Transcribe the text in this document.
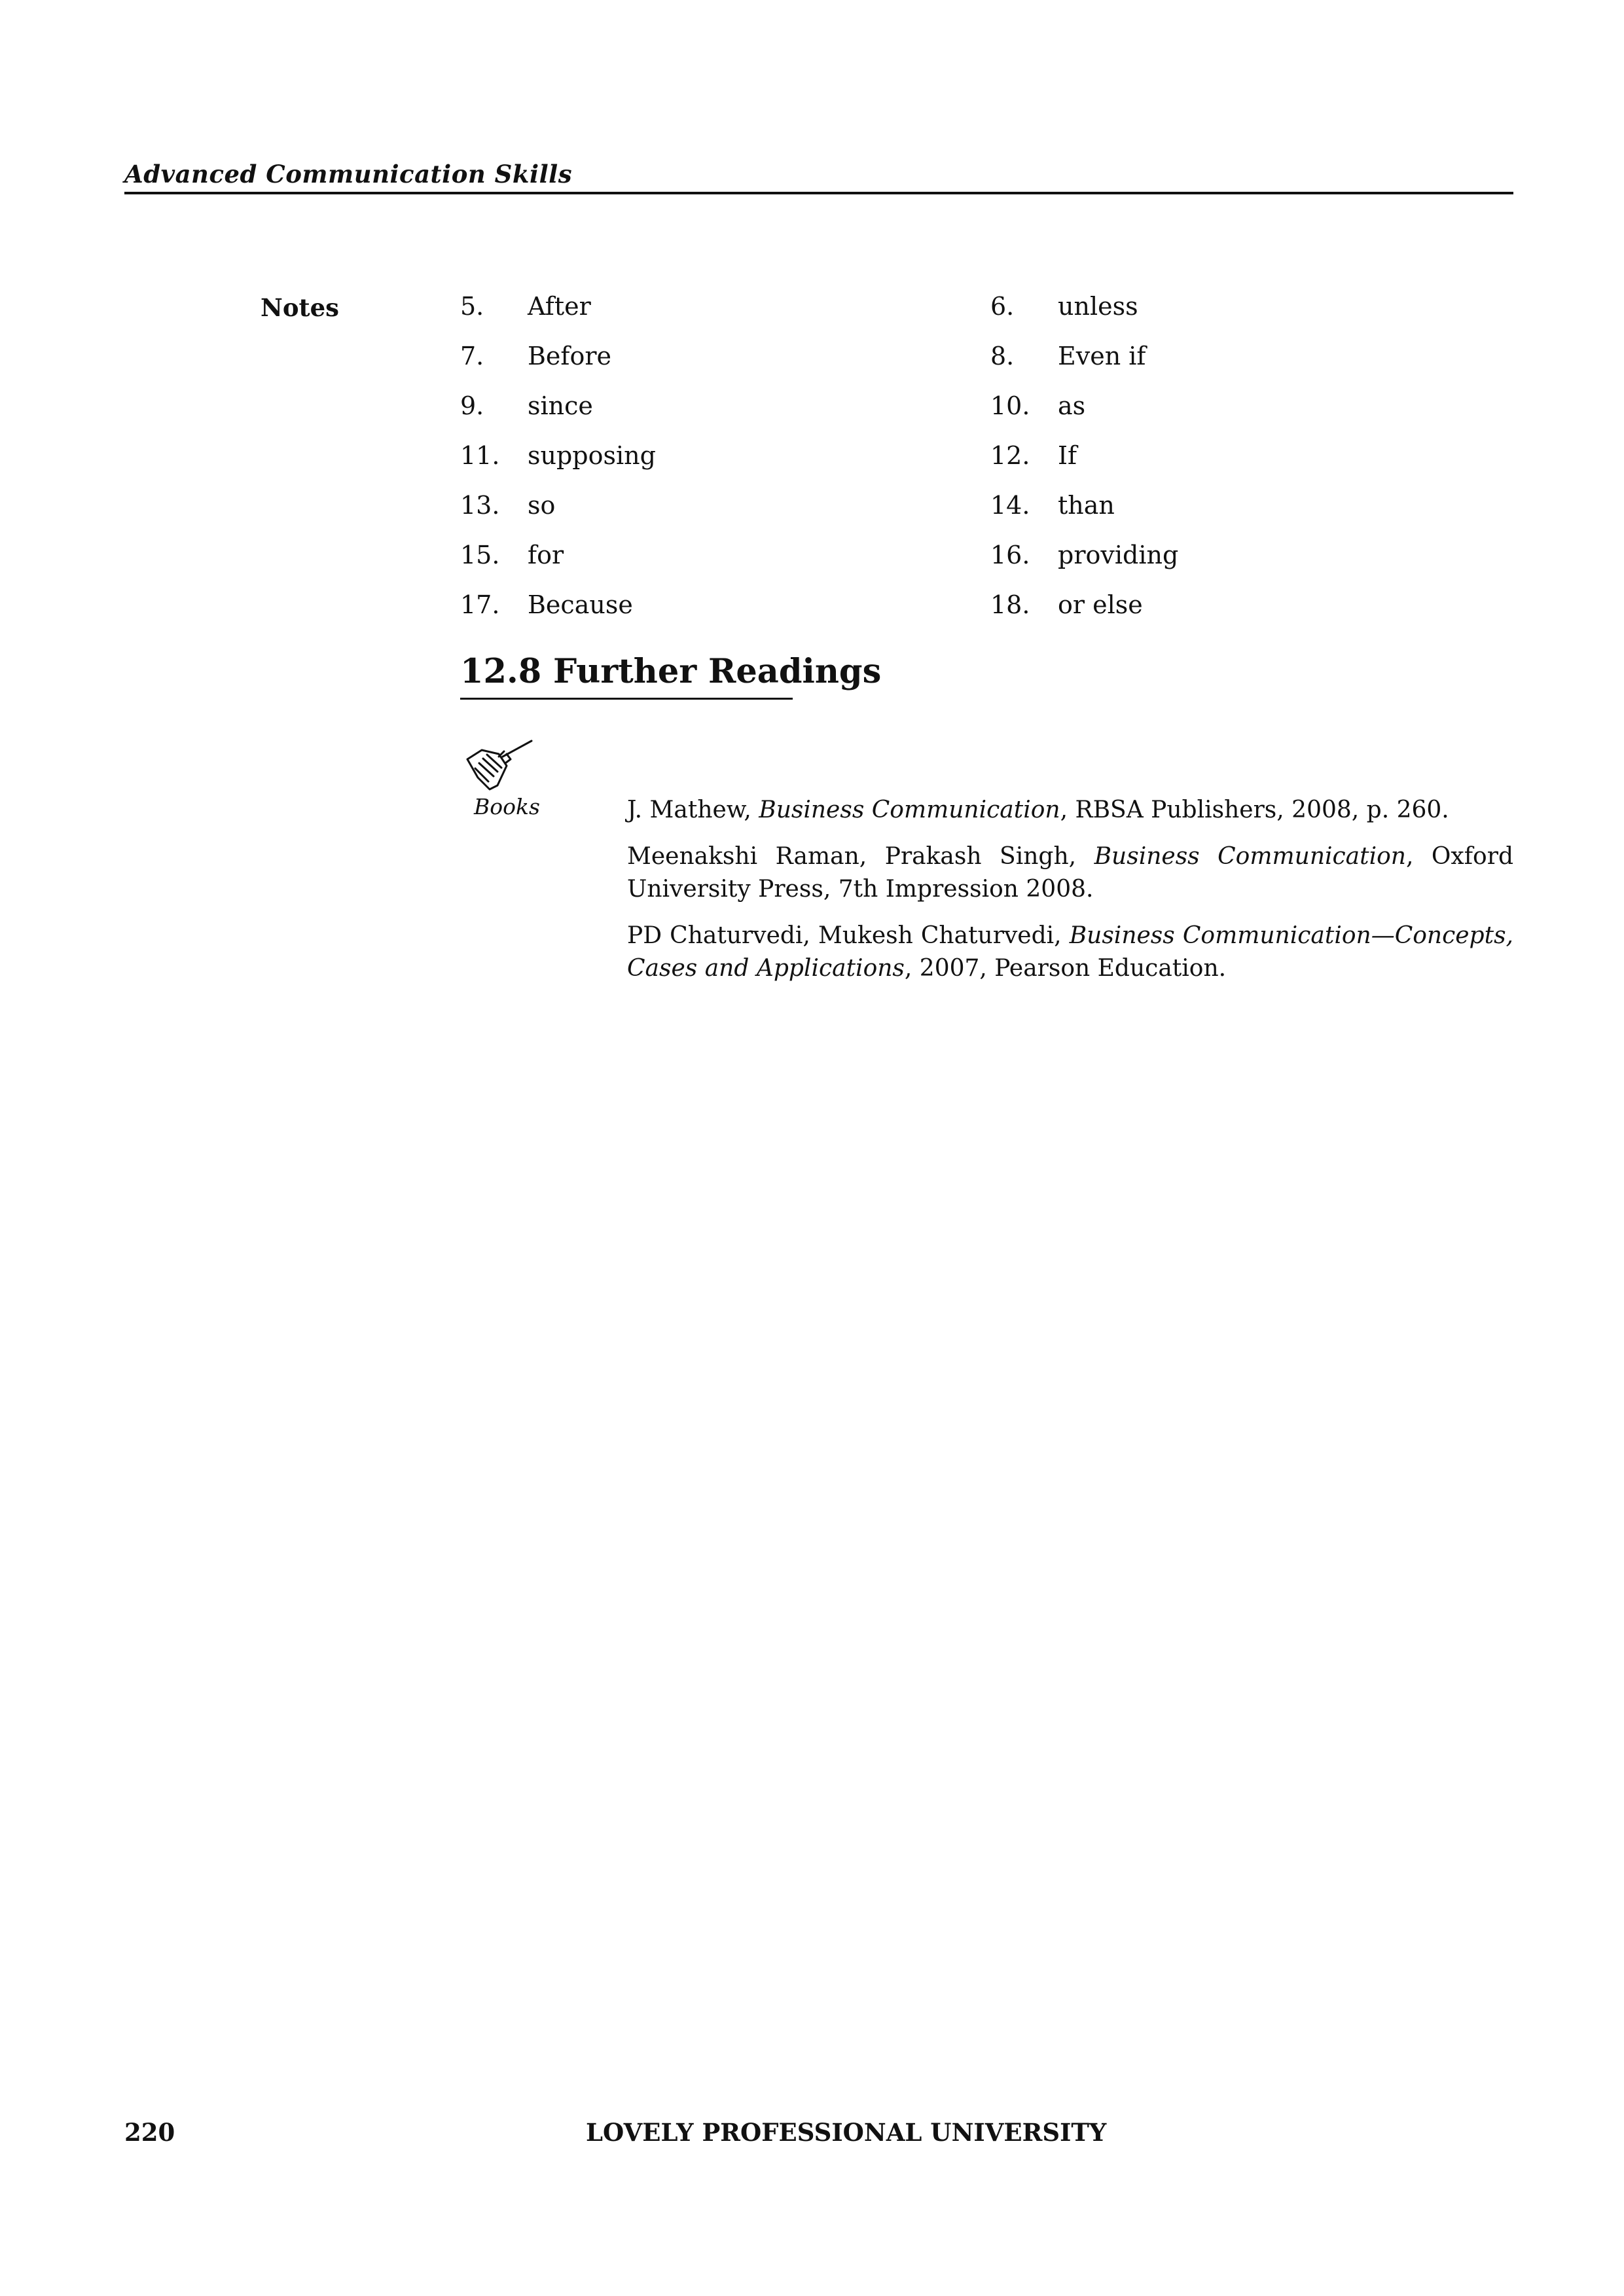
Advanced Communication Skills
Notes	5. After	6. unless
7. Before	8. Even if
9. since	10. as
11. supposing	12. If
13. so	14. than
15. for	16. providing
17. Because	18. or else
12.8 Further Readings
Books	J. Mathew, Business Communication, RBSA Publishers, 2008, p. 260.

Meenakshi Raman, Prakash Singh, Business Communication, Oxford University Press, 7th Impression 2008.

PD Chaturvedi, Mukesh Chaturvedi, Business Communication—Concepts, Cases and Applications, 2007, Pearson Education.

220	LOVELY PROFESSIONAL UNIVERSITY
